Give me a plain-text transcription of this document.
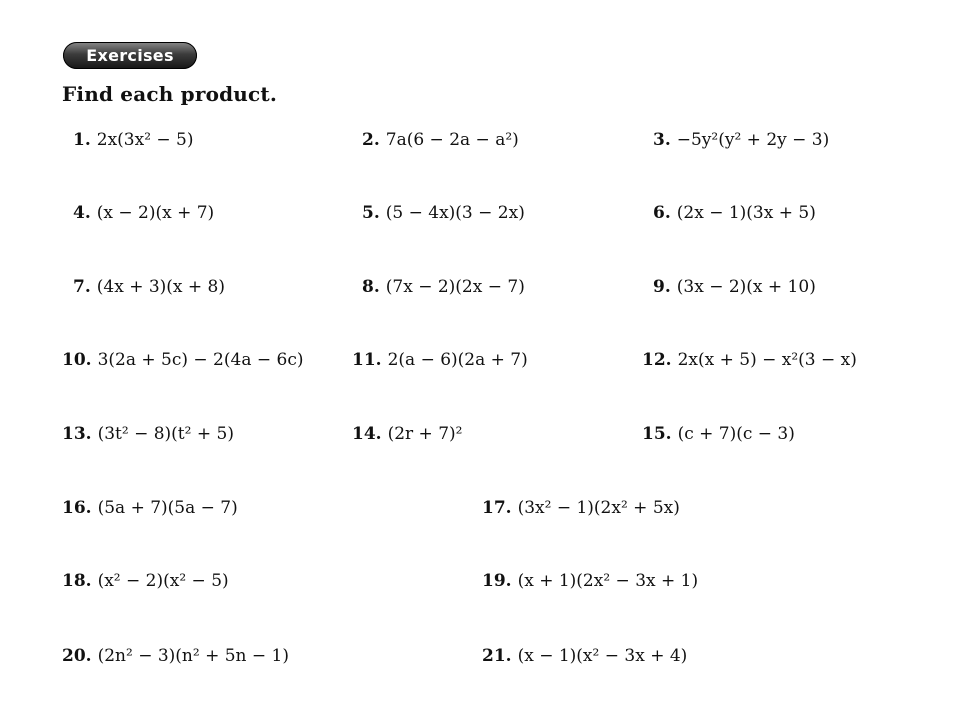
Exercises
Find each product.
1. 2x(3x² − 5)	2. 7a(6 − 2a − a²)	3. −5y²(y² + 2y − 3)
4. (x − 2)(x + 7)	5. (5 − 4x)(3 − 2x)	6. (2x − 1)(3x + 5)
7. (4x + 3)(x + 8)	8. (7x − 2)(2x − 7)	9. (3x − 2)(x + 10)
10. 3(2a + 5c) − 2(4a − 6c)	11. 2(a − 6)(2a + 7)	12. 2x(x + 5) − x²(3 − x)
13. (3t² − 8)(t² + 5)	14. (2r + 7)²	15. (c + 7)(c − 3)
16. (5a + 7)(5a − 7)	17. (3x² − 1)(2x² + 5x)
18. (x² − 2)(x² − 5)	19. (x + 1)(2x² − 3x + 1)
20. (2n² − 3)(n² + 5n − 1)	21. (x − 1)(x² − 3x + 4)
